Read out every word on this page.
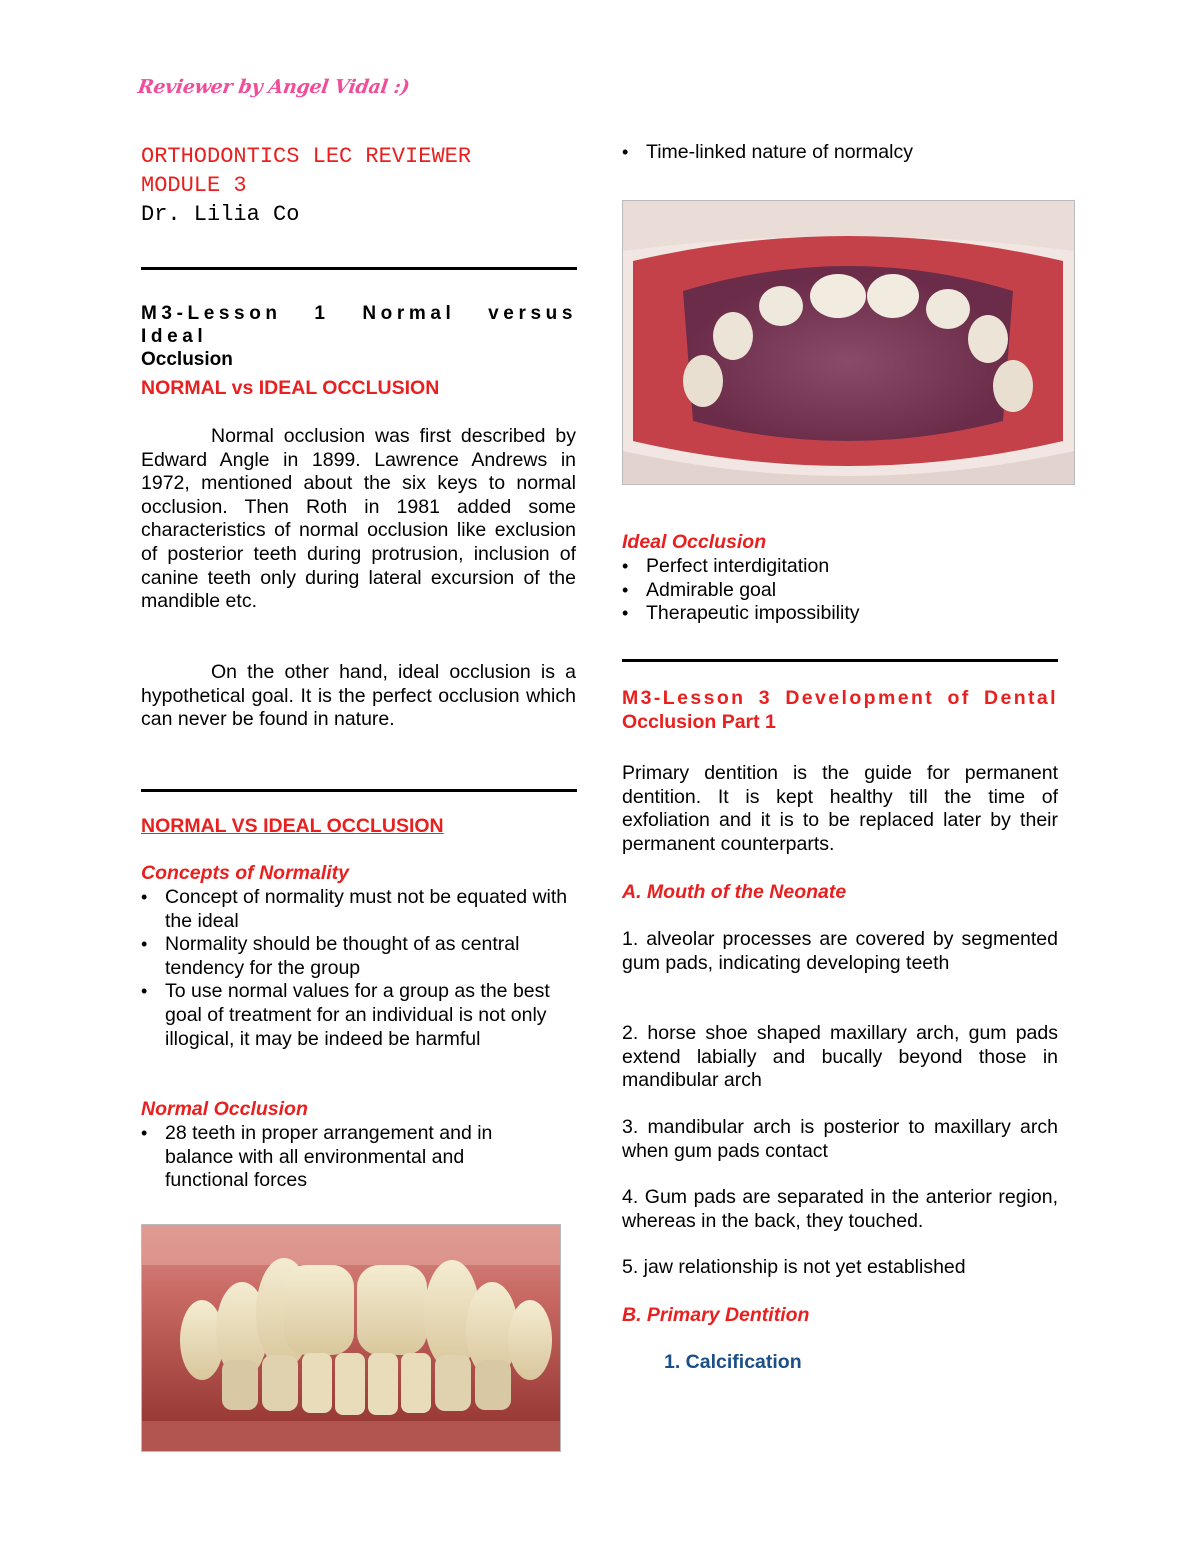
Reviewer by Angel Vidal :)
ORTHODONTICS LEC REVIEWER
MODULE 3
Dr. Lilia Co
M3-Lesson 1 Normal versus Ideal
Occlusion
NORMAL vs IDEAL OCCLUSION
Normal occlusion was first described by Edward Angle in 1899. Lawrence Andrews in 1972, mentioned about the six keys to normal occlusion. Then Roth in 1981 added some characteristics of normal occlusion like exclusion of posterior teeth during protrusion, inclusion of canine teeth only during lateral excursion of the mandible etc.
On the other hand, ideal occlusion is a hypothetical goal. It is the perfect occlusion which can never be found in nature.
NORMAL VS IDEAL OCCLUSION
Concepts of Normality
• Concept of normality must not be equated with the ideal
• Normality should be thought of as central tendency for the group
• To use normal values for a group as the best goal of treatment for an individual is not only illogical, it may be indeed be harmful
Normal Occlusion
• 28 teeth in proper arrangement and in balance with all environmental and functional forces
• Time-linked nature of normalcy
Ideal Occlusion
• Perfect interdigitation
• Admirable goal
• Therapeutic impossibility
M3-Lesson 3 Development of Dental
Occlusion Part 1
Primary dentition is the guide for permanent dentition. It is kept healthy till the time of exfoliation and it is to be replaced later by their permanent counterparts.
A. Mouth of the Neonate
1. alveolar processes are covered by segmented gum pads, indicating developing teeth
2. horse shoe shaped maxillary arch, gum pads extend labially and bucally beyond those in mandibular arch
3. mandibular arch is posterior to maxillary arch when gum pads contact
4. Gum pads are separated in the anterior region, whereas in the back, they touched.
5. jaw relationship is not yet established
B. Primary Dentition
1. Calcification
